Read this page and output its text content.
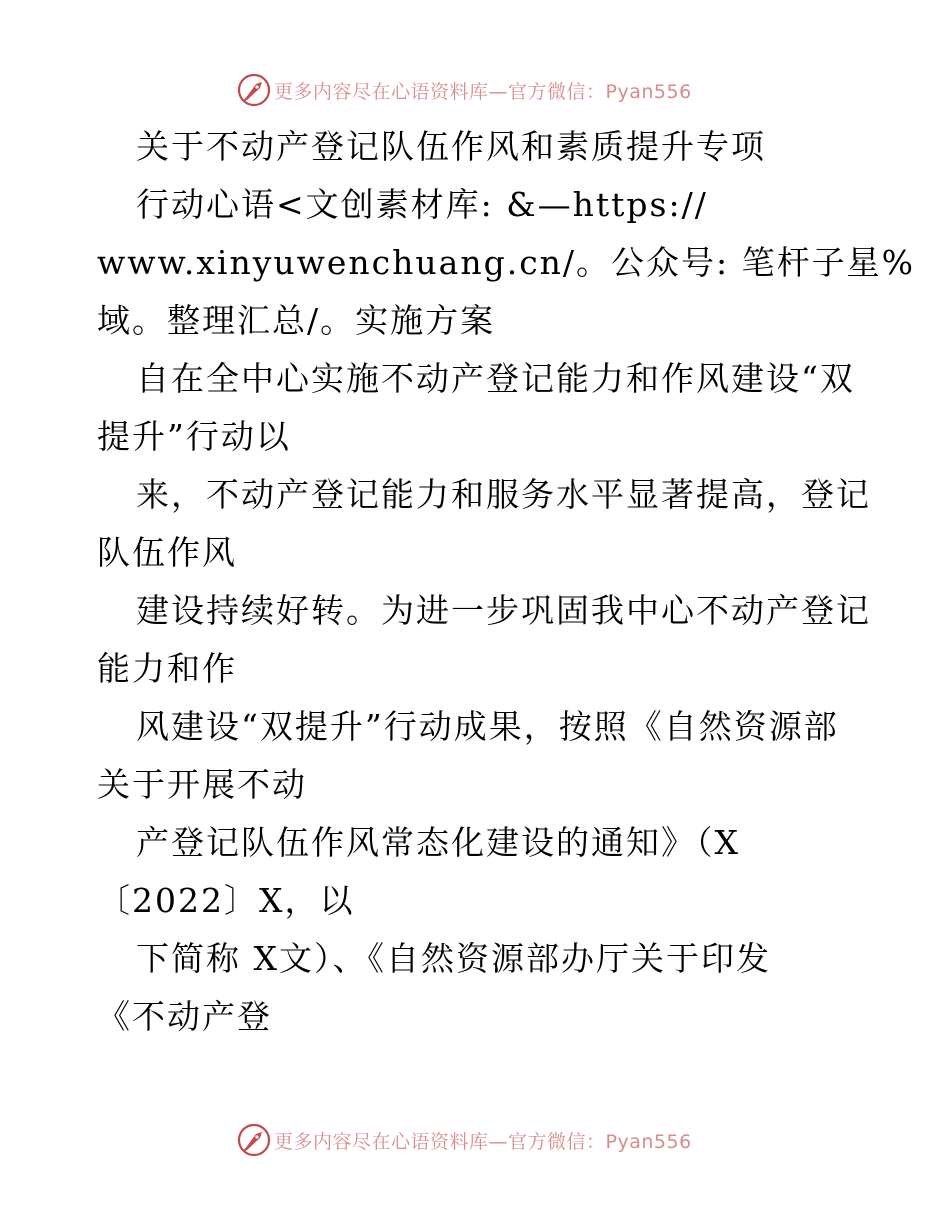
更多内容尽在心语资料库—官方微信：Pyan556
关于不动产登记队伍作风和素质提升专项
行动心语<文创素材库: &—https://
www.xinyuwenchuang.cn/。公众号: 笔杆子星%
域。整理汇总/。实施方案
自在全中心实施不动产登记能力和作风建设“双
提升”行动以
来，不动产登记能力和服务水平显著提高，登记
队伍作风
建设持续好转。为进一步巩固我中心不动产登记
能力和作
风建设“双提升”行动成果，按照《自然资源部
关于开展不动
产登记队伍作风常态化建设的通知》（X
〔2022〕X，以
下简称 X文）、《自然资源部办厅关于印发
《不动产登
更多内容尽在心语资料库—官方微信：Pyan556
